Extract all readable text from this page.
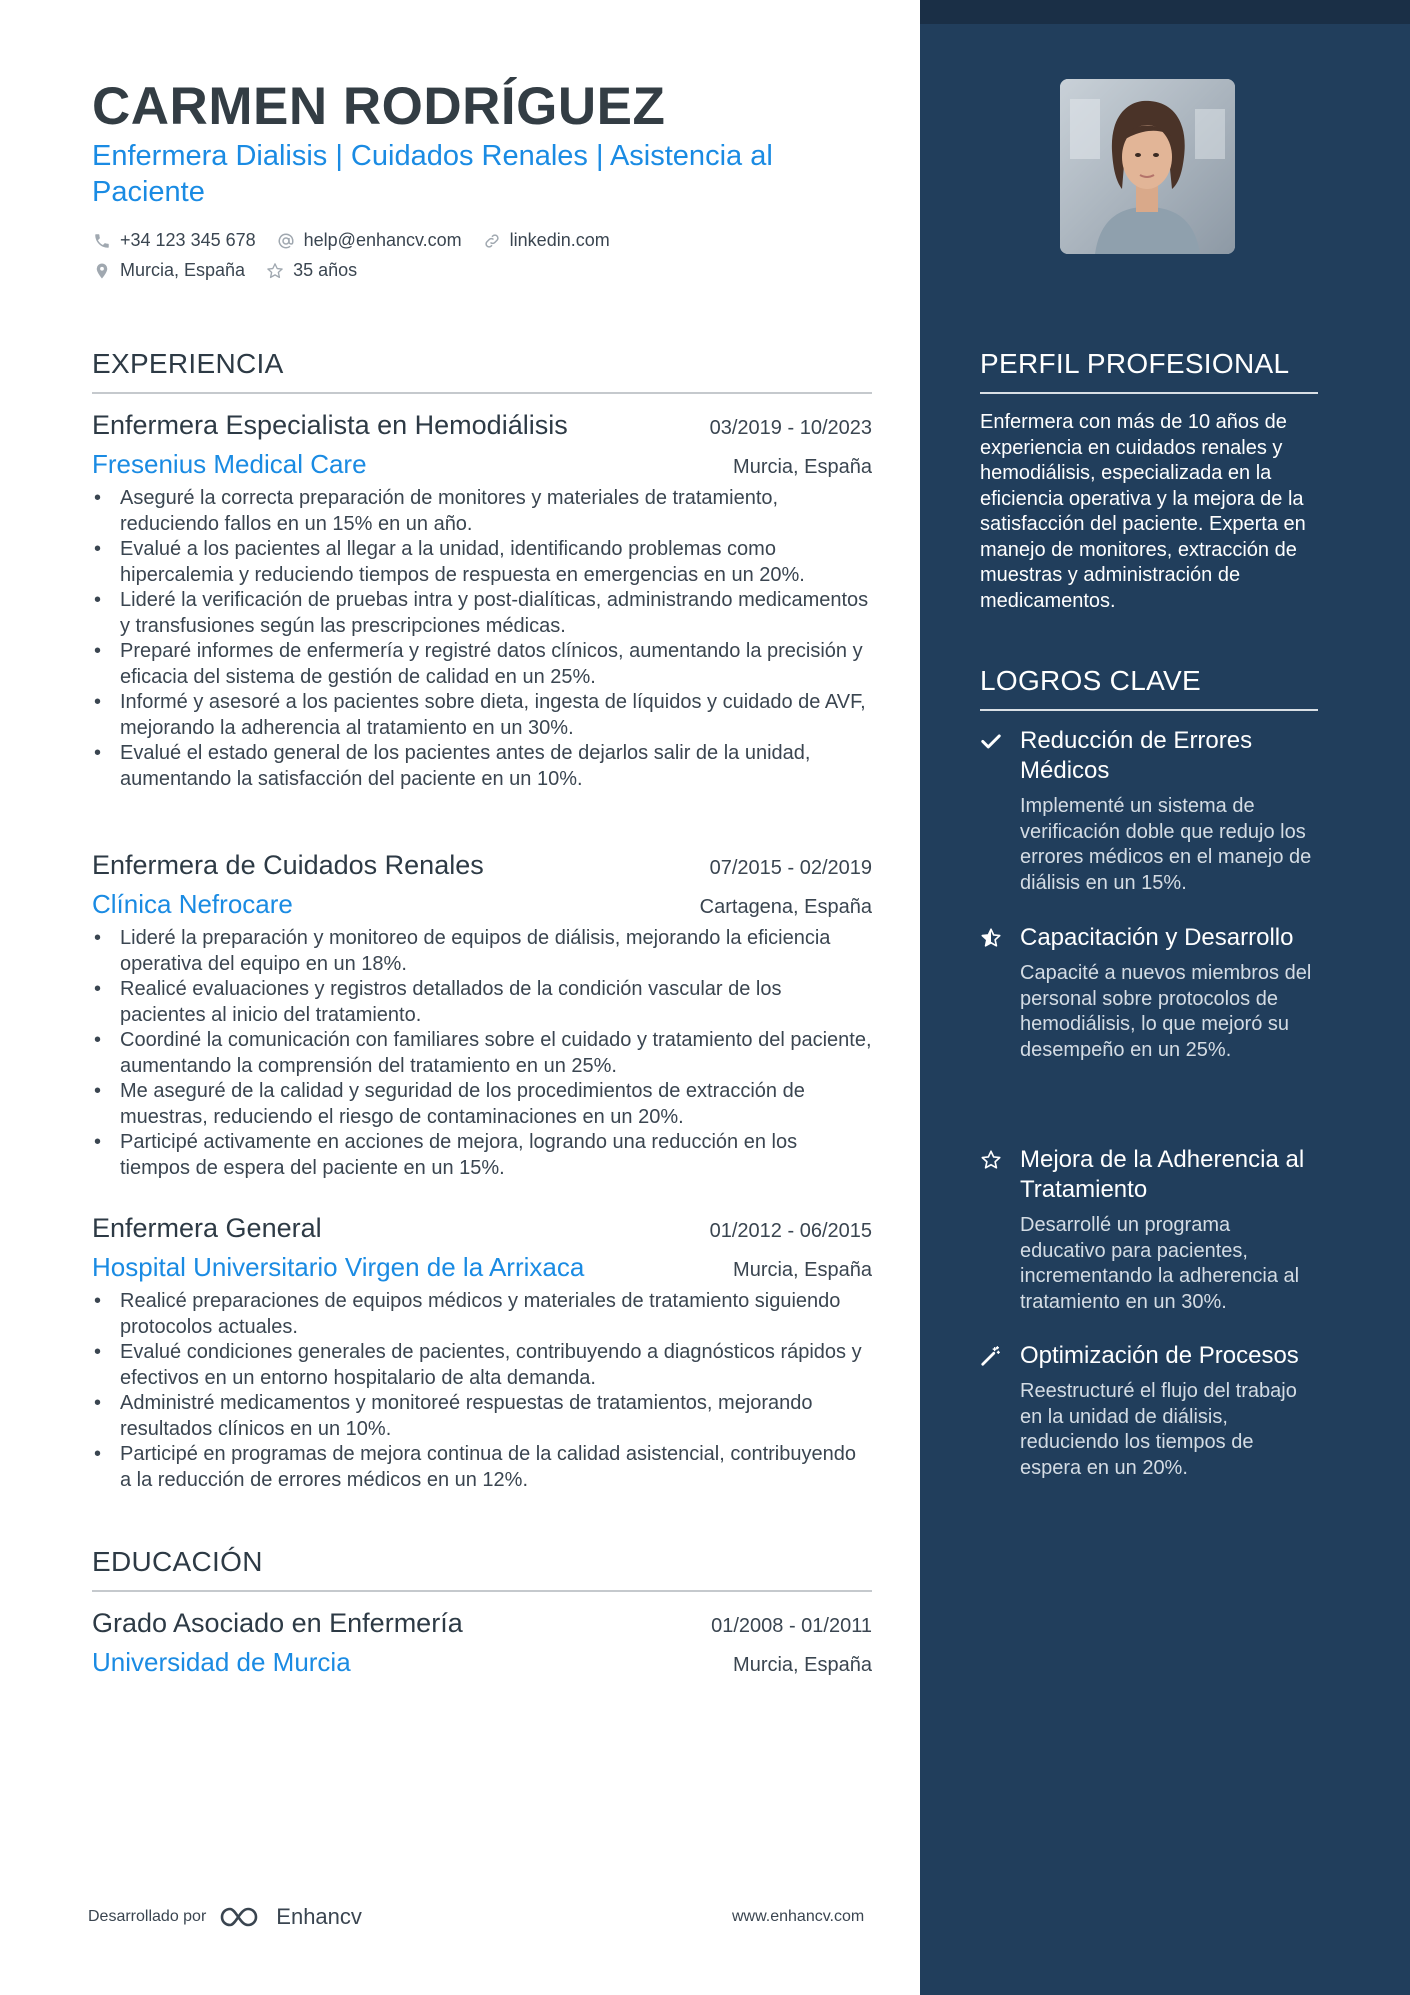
CARMEN RODRÍGUEZ
Enfermera Dialisis | Cuidados Renales | Asistencia al Paciente
+34 123 345 678	help@enhancv.com	linkedin.com
Murcia, España	35 años
EXPERIENCIA
Enfermera Especialista en Hemodiálisis	03/2019 - 10/2023
Fresenius Medical Care	Murcia, España
• Aseguré la correcta preparación de monitores y materiales de tratamiento, reduciendo fallos en un 15% en un año.
• Evalué a los pacientes al llegar a la unidad, identificando problemas como hipercalemia y reduciendo tiempos de respuesta en emergencias en un 20%.
• Lideré la verificación de pruebas intra y post-dialíticas, administrando medicamentos y transfusiones según las prescripciones médicas.
• Preparé informes de enfermería y registré datos clínicos, aumentando la precisión y eficacia del sistema de gestión de calidad en un 25%.
• Informé y asesoré a los pacientes sobre dieta, ingesta de líquidos y cuidado de AVF, mejorando la adherencia al tratamiento en un 30%.
• Evalué el estado general de los pacientes antes de dejarlos salir de la unidad, aumentando la satisfacción del paciente en un 10%.
Enfermera de Cuidados Renales	07/2015 - 02/2019
Clínica Nefrocare	Cartagena, España
• Lideré la preparación y monitoreo de equipos de diálisis, mejorando la eficiencia operativa del equipo en un 18%.
• Realicé evaluaciones y registros detallados de la condición vascular de los pacientes al inicio del tratamiento.
• Coordiné la comunicación con familiares sobre el cuidado y tratamiento del paciente, aumentando la comprensión del tratamiento en un 25%.
• Me aseguré de la calidad y seguridad de los procedimientos de extracción de muestras, reduciendo el riesgo de contaminaciones en un 20%.
• Participé activamente en acciones de mejora, logrando una reducción en los tiempos de espera del paciente en un 15%.
Enfermera General	01/2012 - 06/2015
Hospital Universitario Virgen de la Arrixaca	Murcia, España
• Realicé preparaciones de equipos médicos y materiales de tratamiento siguiendo protocolos actuales.
• Evalué condiciones generales de pacientes, contribuyendo a diagnósticos rápidos y efectivos en un entorno hospitalario de alta demanda.
• Administré medicamentos y monitoreé respuestas de tratamientos, mejorando resultados clínicos en un 10%.
• Participé en programas de mejora continua de la calidad asistencial, contribuyendo a la reducción de errores médicos en un 12%.
EDUCACIÓN
Grado Asociado en Enfermería	01/2008 - 01/2011
Universidad de Murcia	Murcia, España
PERFIL PROFESIONAL
Enfermera con más de 10 años de experiencia en cuidados renales y hemodiálisis, especializada en la eficiencia operativa y la mejora de la satisfacción del paciente. Experta en manejo de monitores, extracción de muestras y administración de medicamentos.
LOGROS CLAVE
Reducción de Errores Médicos
Implementé un sistema de verificación doble que redujo los errores médicos en el manejo de diálisis en un 15%.
Capacitación y Desarrollo
Capacité a nuevos miembros del personal sobre protocolos de hemodiálisis, lo que mejoró su desempeño en un 25%.
Mejora de la Adherencia al Tratamiento
Desarrollé un programa educativo para pacientes, incrementando la adherencia al tratamiento en un 30%.
Optimización de Procesos
Reestructuré el flujo del trabajo en la unidad de diálisis, reduciendo los tiempos de espera en un 20%.
Desarrollado por	Enhancv	www.enhancv.com
